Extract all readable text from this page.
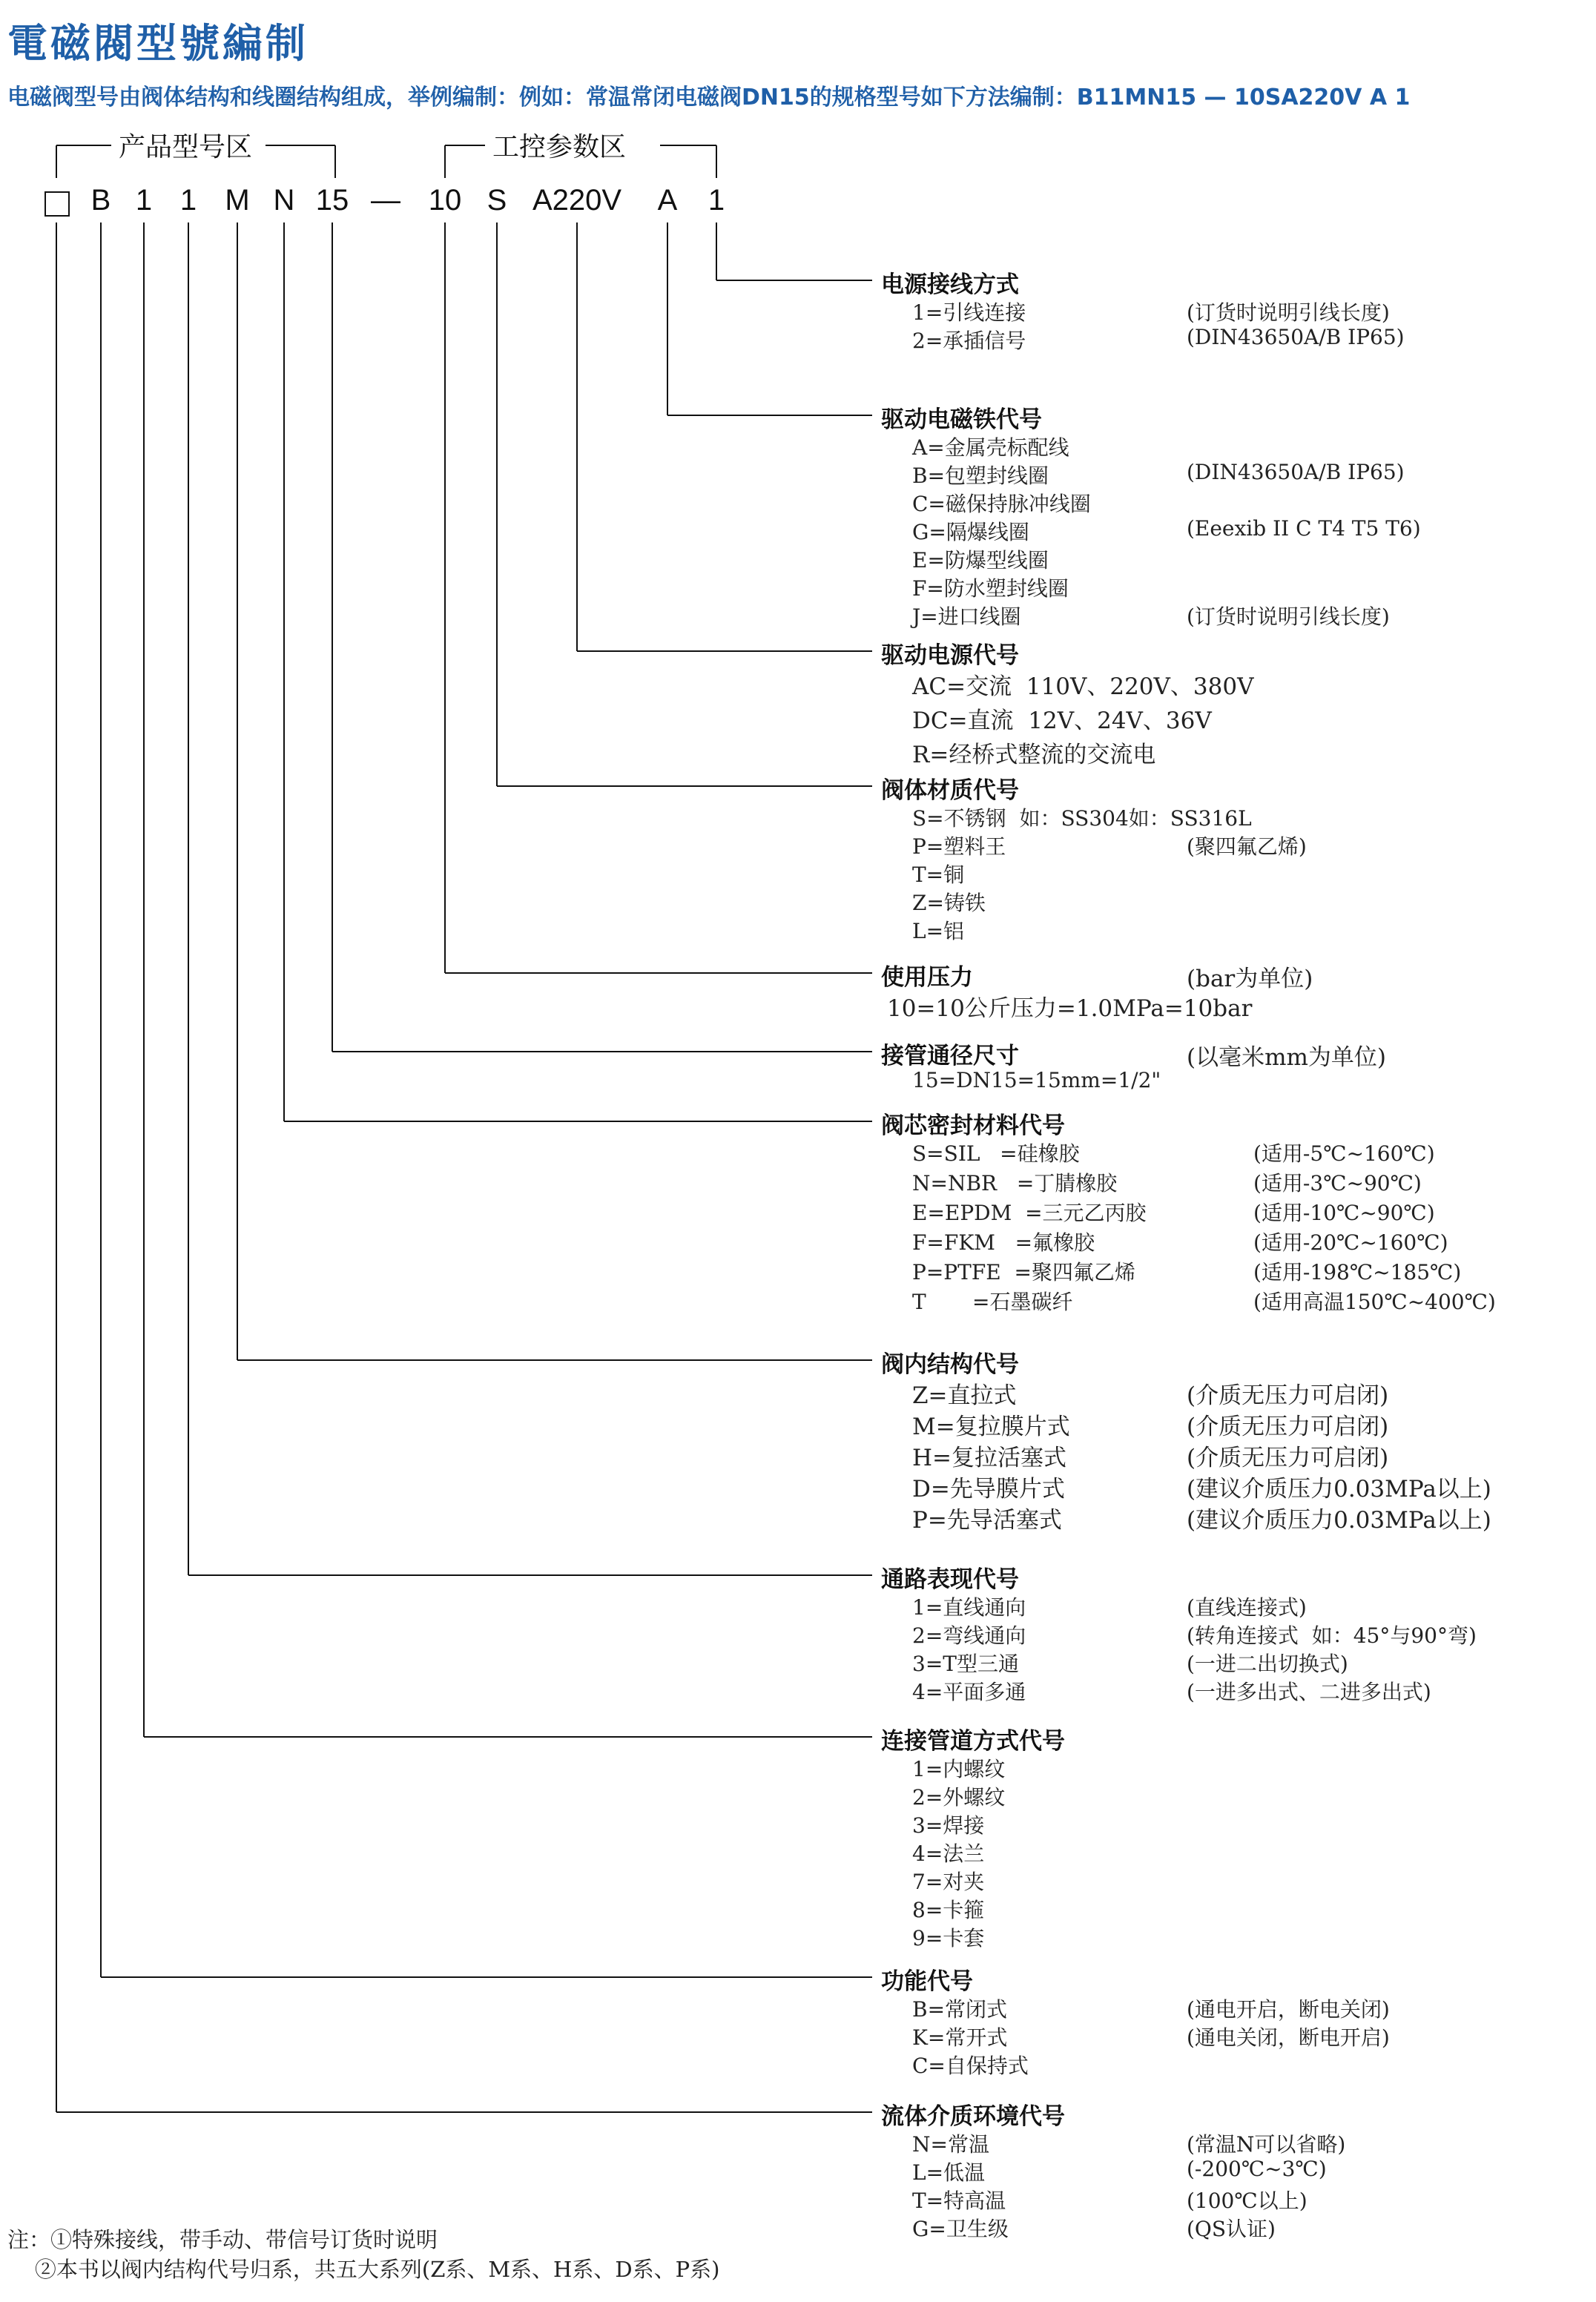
電磁閥型號編制
电磁阀型号由阀体结构和线圈结构组成，举例编制：例如：常温常闭电磁阀DN15的规格型号如下方法编制：B11MN15 — 10SA220V A 1
产品型号区	工控参数区
B 1 1 M N 15 — 10 S A220V A 1
电源接线方式
1=引线连接	(订货时说明引线长度)
2=承插信号	(DIN43650A/B IP65)
驱动电磁铁代号
A=金属壳标配线
B=包塑封线圈	(DIN43650A/B IP65)
C=磁保持脉冲线圈
G=隔爆线圈	(Eeexib II C T4 T5 T6)
E=防爆型线圈
F=防水塑封线圈
J=进口线圈	(订货时说明引线长度)
驱动电源代号
AC=交流  110V、220V、380V
DC=直流  12V、24V、36V
R=经桥式整流的交流电
阀体材质代号
S=不锈钢  如：SS304如：SS316L
P=塑料王	(聚四氟乙烯)
T=铜
Z=铸铁
L=铝
使用压力	(bar为单位)
10=10公斤压力=1.0MPa=10bar
接管通径尺寸	(以毫米mm为单位)
15=DN15=15mm=1/2"
阀芯密封材料代号
S=SIL   =硅橡胶	(适用-5℃~160℃)
N=NBR   =丁腈橡胶	(适用-3℃~90℃)
E=EPDM  =三元乙丙胶	(适用-10℃~90℃)
F=FKM   =氟橡胶	(适用-20℃~160℃)
P=PTFE  =聚四氟乙烯	(适用-198℃~185℃)
T       =石墨碳纤	(适用高温150℃~400℃)
阀内结构代号
Z=直拉式	(介质无压力可启闭)
M=复拉膜片式	(介质无压力可启闭)
H=复拉活塞式	(介质无压力可启闭)
D=先导膜片式	(建议介质压力0.03MPa以上)
P=先导活塞式	(建议介质压力0.03MPa以上)
通路表现代号
1=直线通向	(直线连接式)
2=弯线通向	(转角连接式  如：45°与90°弯)
3=T型三通	(一进二出切换式)
4=平面多通	(一进多出式、二进多出式)
连接管道方式代号
1=内螺纹
2=外螺纹
3=焊接
4=法兰
7=对夹
8=卡箍
9=卡套
功能代号
B=常闭式	(通电开启，断电关闭)
K=常开式	(通电关闭，断电开启)
C=自保持式
流体介质环境代号
N=常温	(常温N可以省略)
L=低温	(-200℃~3℃)
T=特高温	(100℃以上)
G=卫生级	(QS认证)
注：①特殊接线，带手动、带信号订货时说明
②本书以阀内结构代号归系，共五大系列(Z系、M系、H系、D系、P系)
